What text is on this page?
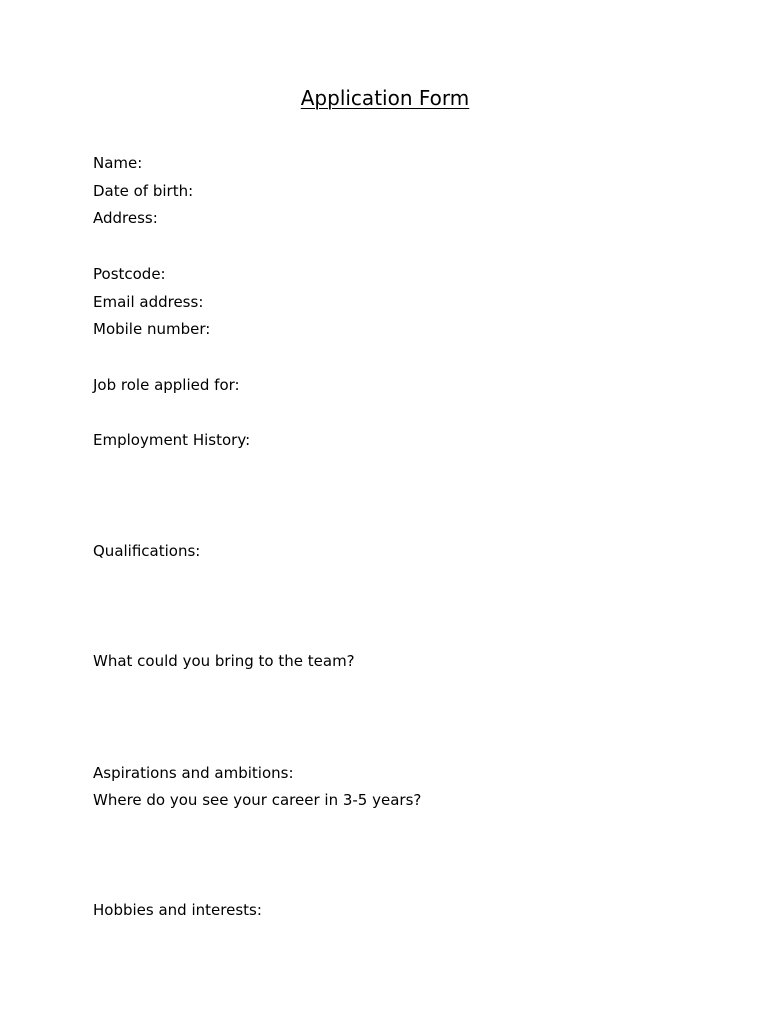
Application Form
Name:
Date of birth:
Address:
Postcode:
Email address:
Mobile number:
Job role applied for:
Employment History:
Qualifications:
What could you bring to the team?
Aspirations and ambitions:
Where do you see your career in 3-5 years?
Hobbies and interests:
